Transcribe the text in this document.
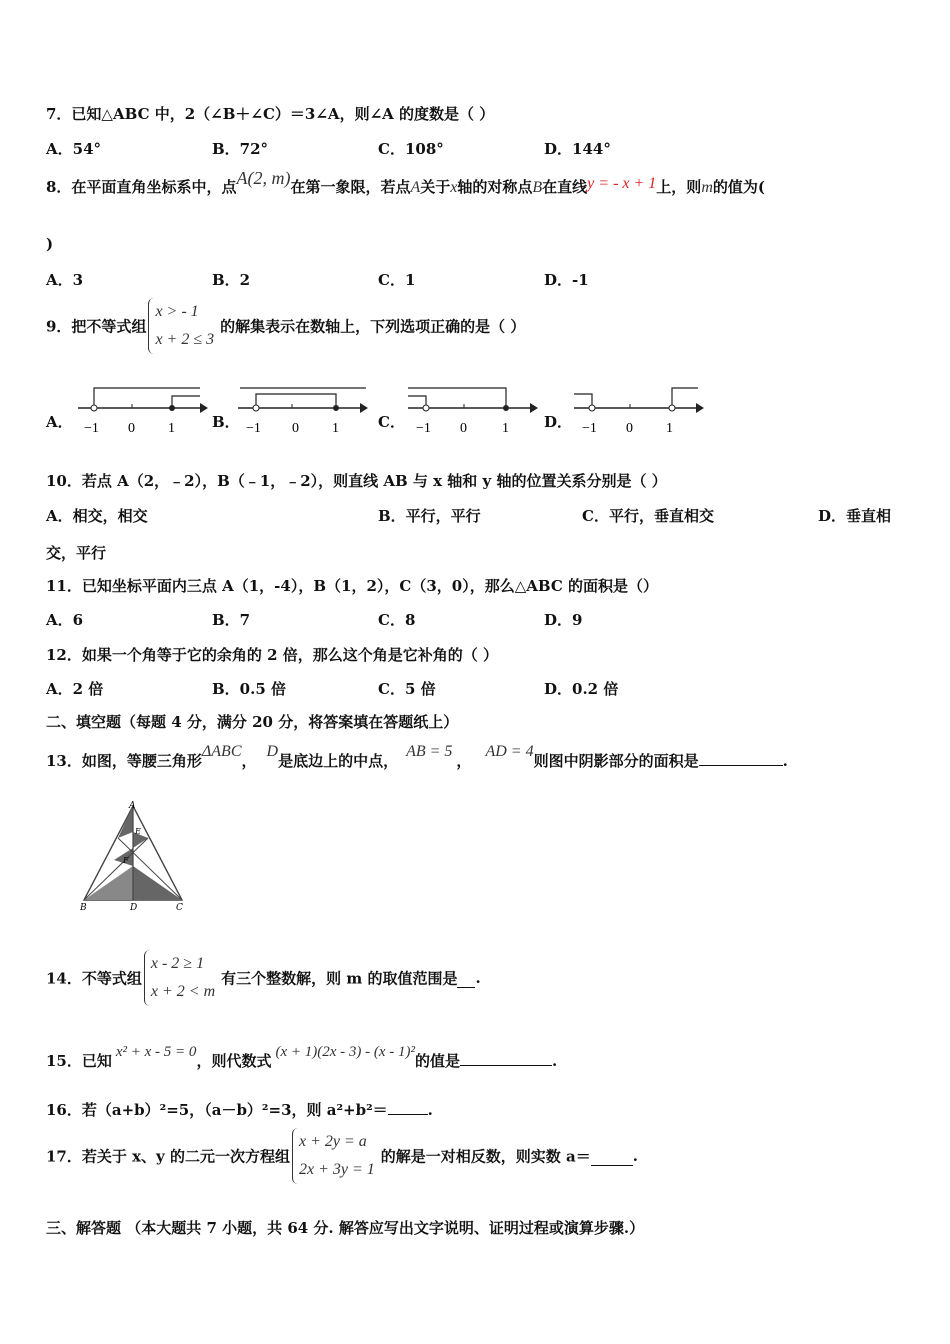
7．已知△ABC 中，2（∠B＋∠C）＝3∠A，则∠A 的度数是（ ）
A．54°	B．72°	C．108°	D．144°
8．在平面直角坐标系中，点A(2, m)在第一象限，若点A关于x轴的对称点B在直线y = - x + 1上，则m的值为(
)
A．3	B．2	C．1	D．-1
9．把不等式组
x > - 1
x + 2 ≤ 3
的解集表示在数轴上，下列选项正确的是（ ）
A．	B．	C．	D．
−1 0 1	−1 0 1	−1 0	1	−1 0 1
10．若点 A（2，﹣2），B（﹣1，﹣2），则直线 AB 与 x 轴和 y 轴的位置关系分别是（ ）
A．相交，相交	B．平行，平行	C．平行，垂直相交	D．垂直相
交，平行
11．已知坐标平面内三点 A（1，-4），B（1，2），C（3，0），那么△ABC 的面积是（）
A．6	B．7	C．8	D．9
12．如果一个角等于它的余角的 2 倍，那么这个角是它补角的（ ）
A．2 倍	B．0.5 倍	C．5 倍	D．0.2 倍
二、填空题（每题 4 分，满分 20 分，将答案填在答题纸上）
13．如图，等腰三角形ΔABC，D是底边上的中点，AB = 5，AD = 4则图中阴影部分的面积是	.
A
E
F
B	D	C
14．不等式组
x - 2 ≥ 1
x + 2 < m
有三个整数解，则 m 的取值范围是 .
15．已知 x² + x - 5 = 0，则代数式 (x + 1)(2x - 3) - (x - 1)²的值是	.
16．若（a+b）²=5，（a－b）²=3，则 a²+b²＝	.
17．若关于 x、y 的二元一次方程组
x + 2y = a
2x + 3y = 1
的解是一对相反数，则实数 a＝	.
三、解答题 （本大题共 7 小题，共 64 分. 解答应写出文字说明、证明过程或演算步骤.）
